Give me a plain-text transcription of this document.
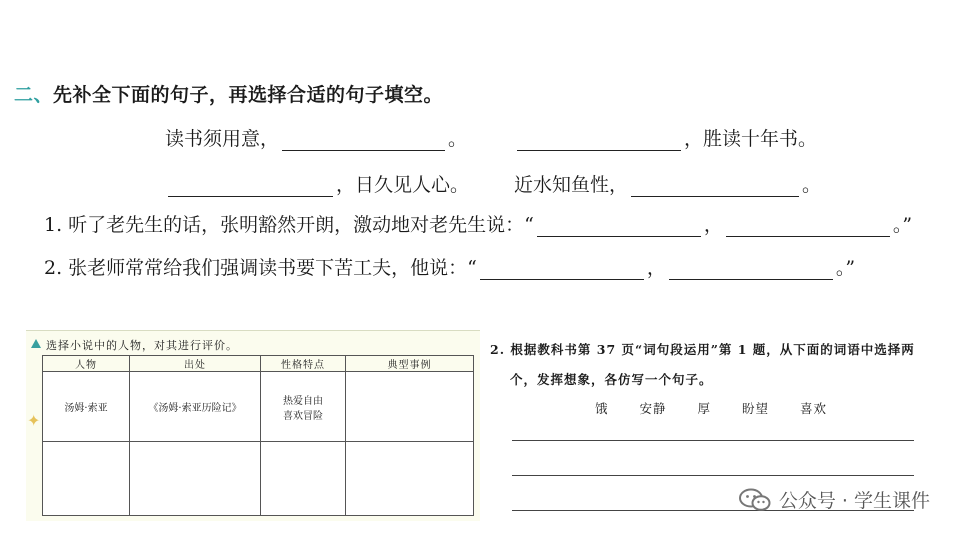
二、先补全下面的句子，再选择合适的句子填空。
读书须用意，	。	，胜读十年书。
，日久见人心。 近水知鱼性，	。
1. 听了老先生的话，张明豁然开朗，激动地对老先生说：“	，	。”
2. 张老师常常给我们强调读书要下苦工夫，他说：“	，	。”
✦
选择小说中的人物，对其进行评价。
人物	出处	性格特点	典型事例
汤姆·索亚	《汤姆·索亚历险记》	热爱自由
喜欢冒险	

2. 根据教科书第 37 页“词句段运用”第 1 题，从下面的词语中选择两
个，发挥想象，各仿写一个句子。
饿 安静 厚 盼望 喜欢
公众号 · 学生课件
